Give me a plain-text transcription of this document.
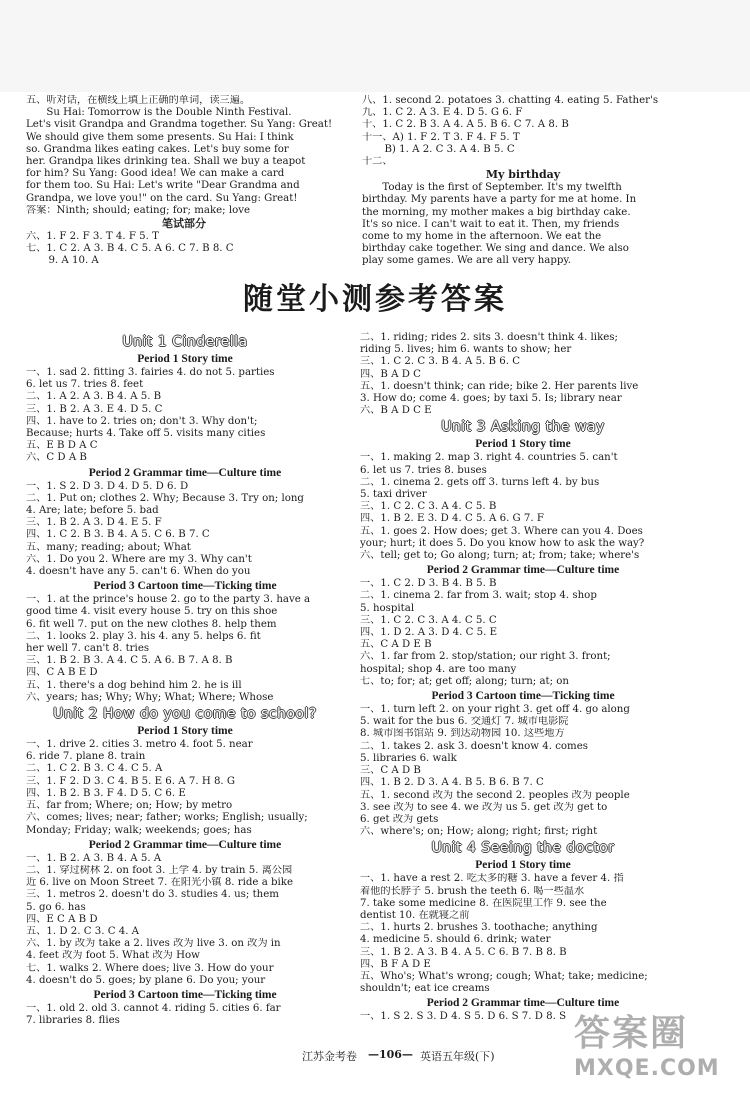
五、听对话，在横线上填上正确的单词，读三遍。
Su Hai: Tomorrow is the Double Ninth Festival.
Let's visit Grandpa and Grandma together. Su Yang: Great!
We should give them some presents. Su Hai: I think
so. Grandma likes eating cakes. Let's buy some for
her. Grandpa likes drinking tea. Shall we buy a teapot
for him? Su Yang: Good idea! We can make a card
for them too. Su Hai: Let's write "Dear Grandma and
Grandpa, we love you!" on the card. Su Yang: Great!
答案：Ninth; should; eating; for; make; love
笔试部分
六、1. F 2. F 3. T 4. F 5. T
七、1. C 2. A 3. B 4. C 5. A 6. C 7. B 8. C
9. A 10. A
八、1. second 2. potatoes 3. chatting 4. eating 5. Father's
九、1. C 2. A 3. E 4. D 5. G 6. F
十、1. C 2. B 3. A 4. A 5. B 6. C 7. A 8. B
十一、A) 1. F 2. T 3. F 4. F 5. T
B) 1. A 2. C 3. A 4. B 5. C
十二、
My birthday
Today is the first of September. It's my twelfth
birthday. My parents have a party for me at home. In
the morning, my mother makes a big birthday cake.
It's so nice. I can't wait to eat it. Then, my friends
come to my home in the afternoon. We eat the
birthday cake together. We sing and dance. We also
play some games. We are all very happy.
随堂小测参考答案
Unit 1 Cinderella
Period 1 Story time
一、1. sad 2. fitting 3. fairies 4. do not 5. parties
6. let us 7. tries 8. feet
二、1. A 2. A 3. B 4. A 5. B
三、1. B 2. A 3. E 4. D 5. C
四、1. have to 2. tries on; don't 3. Why don't;
Because; hurts 4. Take off 5. visits many cities
五、E B D A C
六、C D A B
Period 2 Grammar time—Culture time
一、1. S 2. D 3. D 4. D 5. D 6. D
二、1. Put on; clothes 2. Why; Because 3. Try on; long
4. Are; late; before 5. bad
三、1. B 2. A 3. D 4. E 5. F
四、1. C 2. B 3. B 4. A 5. C 6. B 7. C
五、many; reading; about; What
六、1. Do you 2. Where are my 3. Why can't
4. doesn't have any 5. can't 6. When do you
Period 3 Cartoon time—Ticking time
一、1. at the prince's house 2. go to the party 3. have a
good time 4. visit every house 5. try on this shoe
6. fit well 7. put on the new clothes 8. help them
二、1. looks 2. play 3. his 4. any 5. helps 6. fit
her well 7. can't 8. tries
三、1. B 2. B 3. A 4. C 5. A 6. B 7. A 8. B
四、C A B E D
五、1. there's a dog behind him 2. he is ill
六、years; has; Why; Why; What; Where; Whose
Unit 2 How do you come to school?
Period 1 Story time
一、1. drive 2. cities 3. metro 4. foot 5. near
6. ride 7. plane 8. train
二、1. C 2. B 3. C 4. C 5. A
三、1. F 2. D 3. C 4. B 5. E 6. A 7. H 8. G
四、1. B 2. B 3. F 4. D 5. C 6. E
五、far from; Where; on; How; by metro
六、comes; lives; near; father; works; English; usually;
Monday; Friday; walk; weekends; goes; has
Period 2 Grammar time—Culture time
一、1. B 2. A 3. B 4. A 5. A
二、1. 穿过树林 2. on foot 3. 上学 4. by train 5. 离公园
近 6. live on Moon Street 7. 在阳光小镇 8. ride a bike
三、1. metros 2. doesn't do 3. studies 4. us; them
5. go 6. has
四、E C A B D
五、1. D 2. C 3. C 4. A
六、1. by 改为 take a 2. lives 改为 live 3. on 改为 in
4. feet 改为 foot 5. What 改为 How
七、1. walks 2. Where does; live 3. How do your
4. doesn't do 5. goes; by plane 6. Do you; your
Period 3 Cartoon time—Ticking time
一、1. old 2. old 3. cannot 4. riding 5. cities 6. far
7. libraries 8. flies
二、1. riding; rides 2. sits 3. doesn't think 4. likes;
riding 5. lives; him 6. wants to show; her
三、1. C 2. C 3. B 4. A 5. B 6. C
四、B A D C
五、1. doesn't think; can ride; bike 2. Her parents live
3. How do; come 4. goes; by taxi 5. Is; library near
六、B A D C E
Unit 3 Asking the way
Period 1 Story time
一、1. making 2. map 3. right 4. countries 5. can't
6. let us 7. tries 8. buses
二、1. cinema 2. gets off 3. turns left 4. by bus
5. taxi driver
三、1. C 2. C 3. A 4. C 5. B
四、1. B 2. E 3. D 4. C 5. A 6. G 7. F
五、1. goes 2. How does; get 3. Where can you 4. Does
your; hurt; it does 5. Do you know how to ask the way?
六、tell; get to; Go along; turn; at; from; take; where's
Period 2 Grammar time—Culture time
一、1. C 2. D 3. B 4. B 5. B
二、1. cinema 2. far from 3. wait; stop 4. shop
5. hospital
三、1. C 2. C 3. A 4. C 5. C
四、1. D 2. A 3. D 4. C 5. E
五、C A D E B
六、1. far from 2. stop/station; our right 3. front;
hospital; shop 4. are too many
七、to; for; at; get off; along; turn; at; on
Period 3 Cartoon time—Ticking time
一、1. turn left 2. on your right 3. get off 4. go along
5. wait for the bus 6. 交通灯 7. 城市电影院
8. 城市图书馆站 9. 到达动物园 10. 这些地方
二、1. takes 2. ask 3. doesn't know 4. comes
5. libraries 6. walk
三、C A D B
四、1. B 2. D 3. A 4. B 5. B 6. B 7. C
五、1. second 改为 the second 2. peoples 改为 people
3. see 改为 to see 4. we 改为 us 5. get 改为 get to
6. get 改为 gets
六、where's; on; How; along; right; first; right
Unit 4 Seeing the doctor
Period 1 Story time
一、1. have a rest 2. 吃太多的糖 3. have a fever 4. 指
着他的长脖子 5. brush the teeth 6. 喝一些温水
7. take some medicine 8. 在医院里工作 9. see the
dentist 10. 在就寝之前
二、1. hurts 2. brushes 3. toothache; anything
4. medicine 5. should 6. drink; water
三、1. B 2. A 3. B 4. A 5. C 6. B 7. B 8. B
四、B F A D E
五、Who's; What's wrong; cough; What; take; medicine;
shouldn't; eat ice creams
Period 2 Grammar time—Culture time
一、1. S 2. S 3. D 4. S 5. D 6. S 7. D 8. S
江苏金考卷 —106— 英语五年级(下)
答案圈
MXQE.COM
